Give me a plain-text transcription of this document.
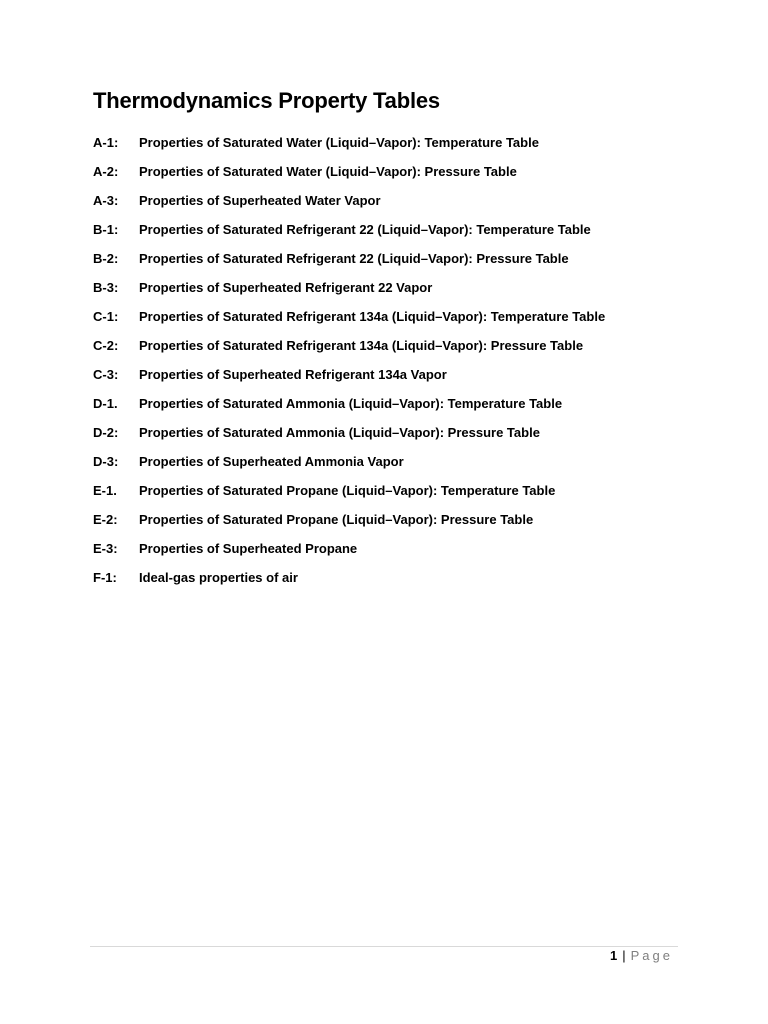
Thermodynamics Property Tables
A-1:	Properties of Saturated Water (Liquid–Vapor): Temperature Table
A-2:	Properties of Saturated Water (Liquid–Vapor): Pressure Table
A-3:	Properties of Superheated Water Vapor
B-1:	Properties of Saturated Refrigerant 22 (Liquid–Vapor): Temperature Table
B-2:	Properties of Saturated Refrigerant 22 (Liquid–Vapor): Pressure Table
B-3:	Properties of Superheated Refrigerant 22 Vapor
C-1:	Properties of Saturated Refrigerant 134a (Liquid–Vapor): Temperature Table
C-2:	Properties of Saturated Refrigerant 134a (Liquid–Vapor): Pressure Table
C-3:	Properties of Superheated Refrigerant 134a Vapor
D-1.	Properties of Saturated Ammonia (Liquid–Vapor): Temperature Table
D-2:	Properties of Saturated Ammonia (Liquid–Vapor): Pressure Table
D-3:	Properties of Superheated Ammonia Vapor
E-1.	Properties of Saturated Propane (Liquid–Vapor): Temperature Table
E-2:	Properties of Saturated Propane (Liquid–Vapor): Pressure Table
E-3:	Properties of Superheated Propane
F-1:	Ideal-gas properties of air
1 | Page
